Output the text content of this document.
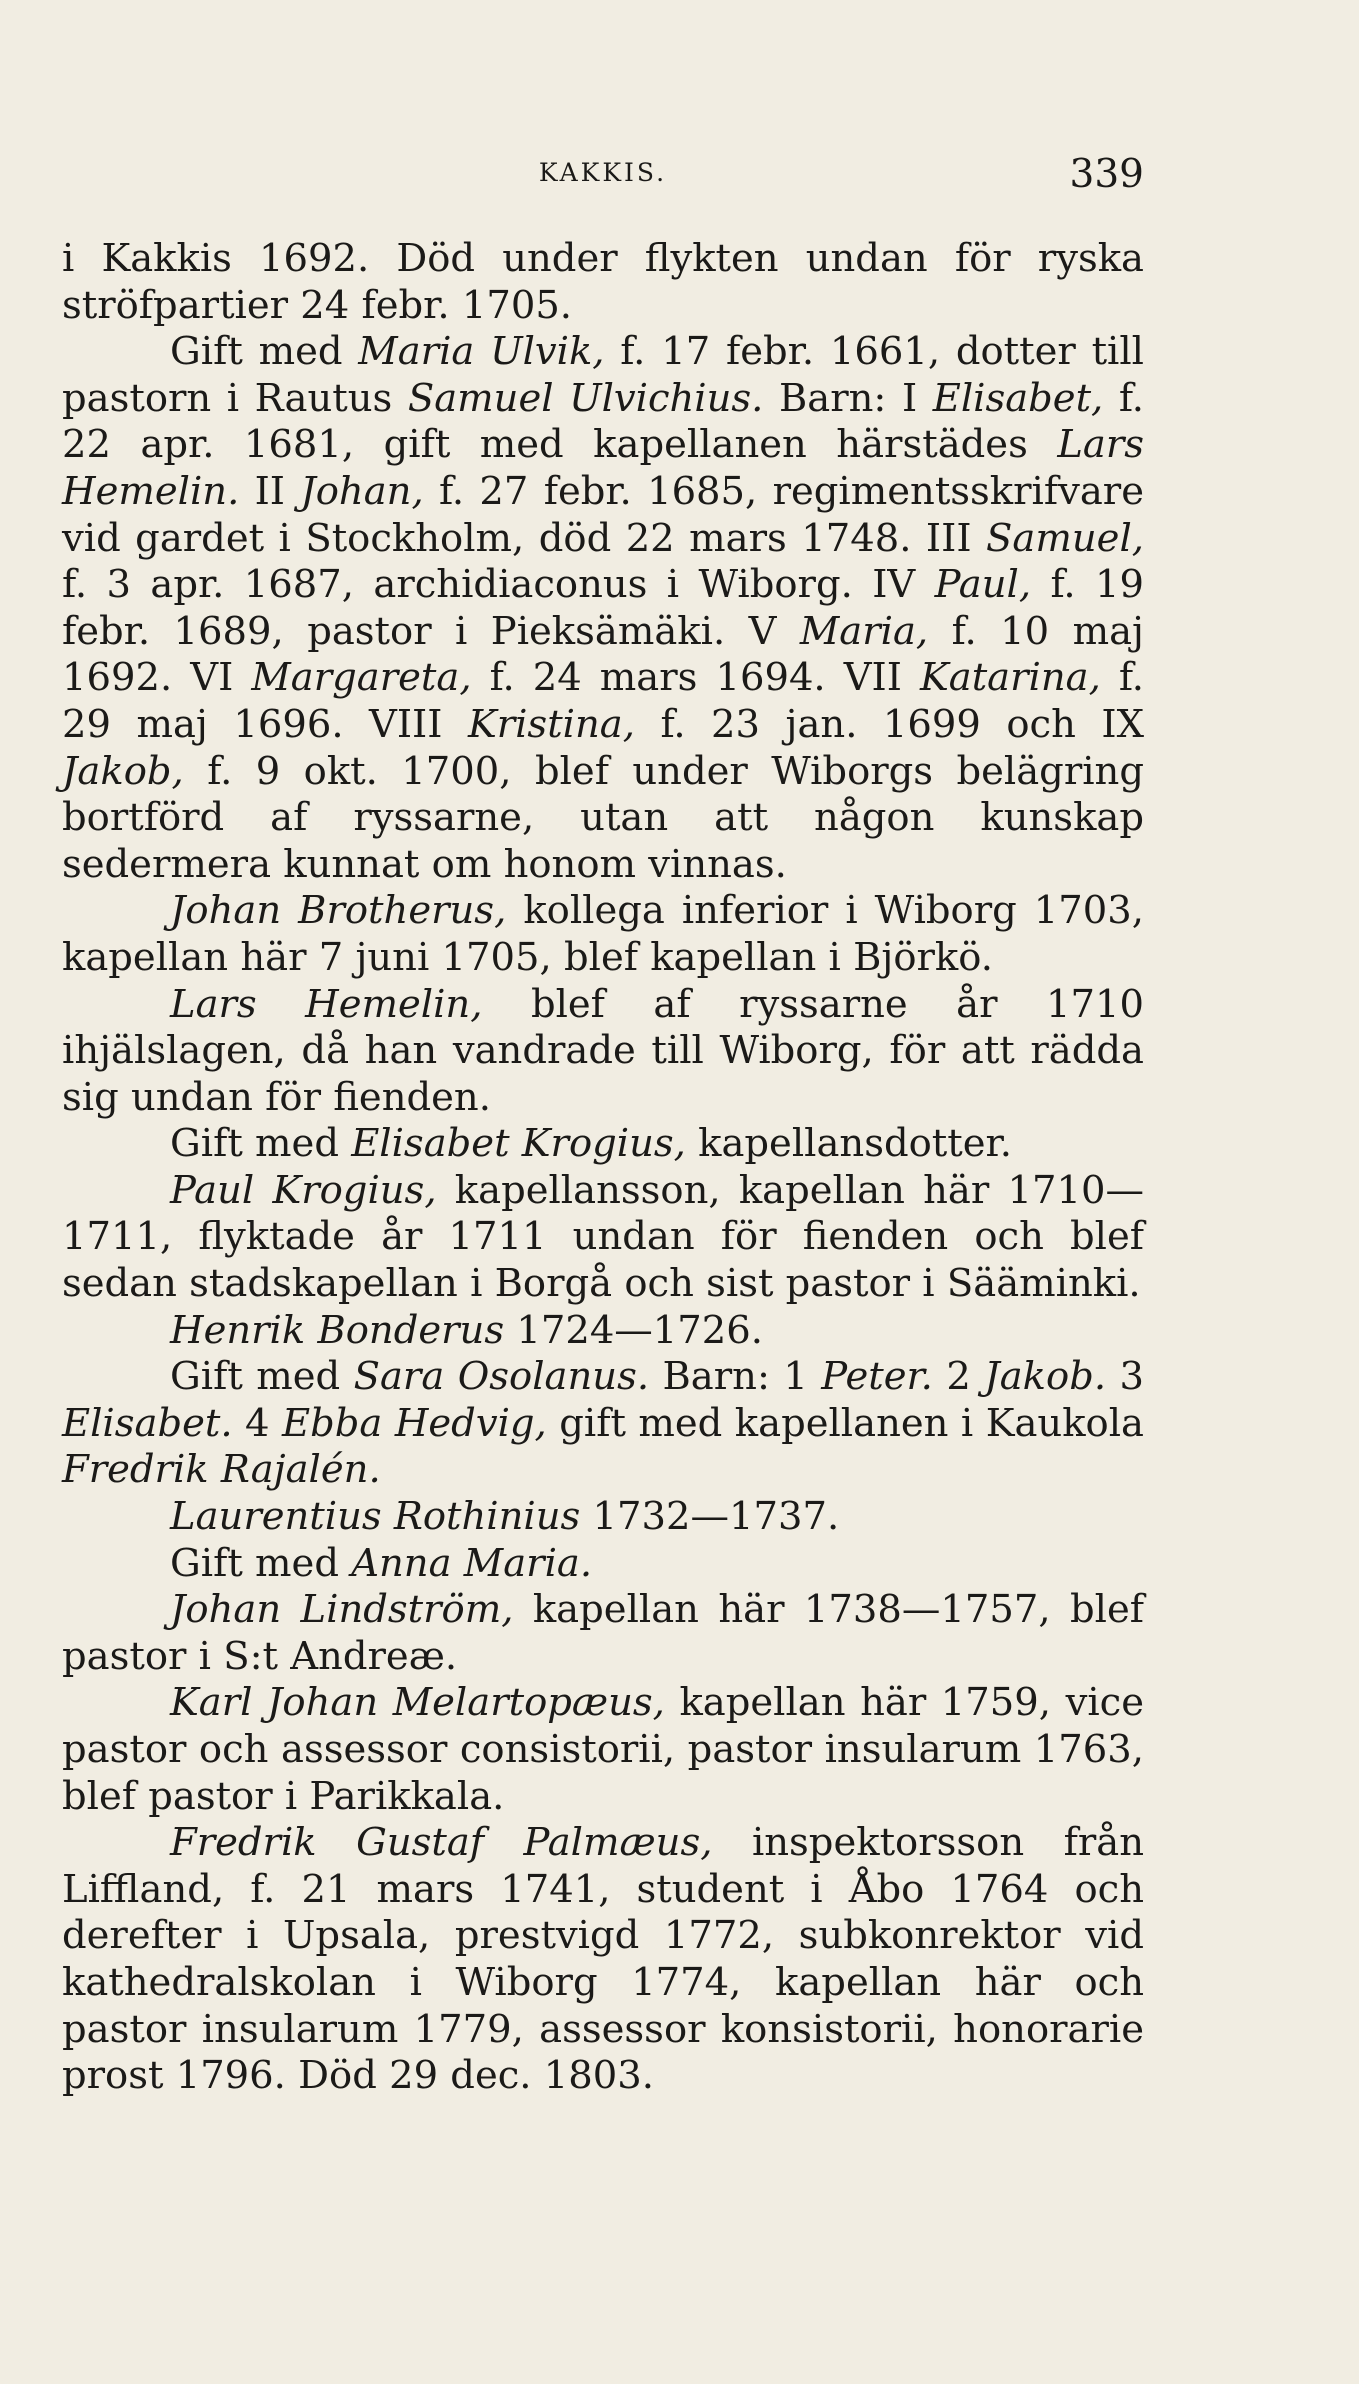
KAKKIS.	339

i Kakkis 1692. Död under flykten undan för ryska ströfpartier 24 febr. 1705.

Gift med Maria Ulvik, f. 17 febr. 1661, dotter till pastorn i Rautus Samuel Ulvichius. Barn: I Elisabet, f. 22 apr. 1681, gift med kapellanen härstädes Lars Hemelin. II Johan, f. 27 febr. 1685, regimentsskrifvare vid gardet i Stockholm, död 22 mars 1748. III Samuel, f. 3 apr. 1687, archidiaconus i Wiborg. IV Paul, f. 19 febr. 1689, pastor i Pieksämäki. V Maria, f. 10 maj 1692. VI Margareta, f. 24 mars 1694. VII Katarina, f. 29 maj 1696. VIII Kristina, f. 23 jan. 1699 och IX Jakob, f. 9 okt. 1700, blef under Wiborgs belägring bortförd af ryssarne, utan att någon kunskap sedermera kunnat om honom vinnas.

Johan Brotherus, kollega inferior i Wiborg 1703, kapellan här 7 juni 1705, blef kapellan i Björkö.

Lars Hemelin, blef af ryssarne år 1710 ihjälslagen, då han vandrade till Wiborg, för att rädda sig undan för fienden.

Gift med Elisabet Krogius, kapellansdotter.

Paul Krogius, kapellansson, kapellan här 1710—1711, flyktade år 1711 undan för fienden och blef sedan stadskapellan i Borgå och sist pastor i Sääminki.

Henrik Bonderus 1724—1726.

Gift med Sara Osolanus. Barn: 1 Peter. 2 Jakob. 3 Elisabet. 4 Ebba Hedvig, gift med kapellanen i Kaukola Fredrik Rajalén.

Laurentius Rothinius 1732—1737.

Gift med Anna Maria.

Johan Lindström, kapellan här 1738—1757, blef pastor i S:t Andreæ.

Karl Johan Melartopæus, kapellan här 1759, vice pastor och assessor consistorii, pastor insularum 1763, blef pastor i Parikkala.

Fredrik Gustaf Palmæus, inspektorsson från Liffland, f. 21 mars 1741, student i Åbo 1764 och derefter i Upsala, prestvigd 1772, subkonrektor vid kathedralskolan i Wiborg 1774, kapellan här och pastor insularum 1779, assessor konsistorii, honorarie prost 1796. Död 29 dec. 1803.
